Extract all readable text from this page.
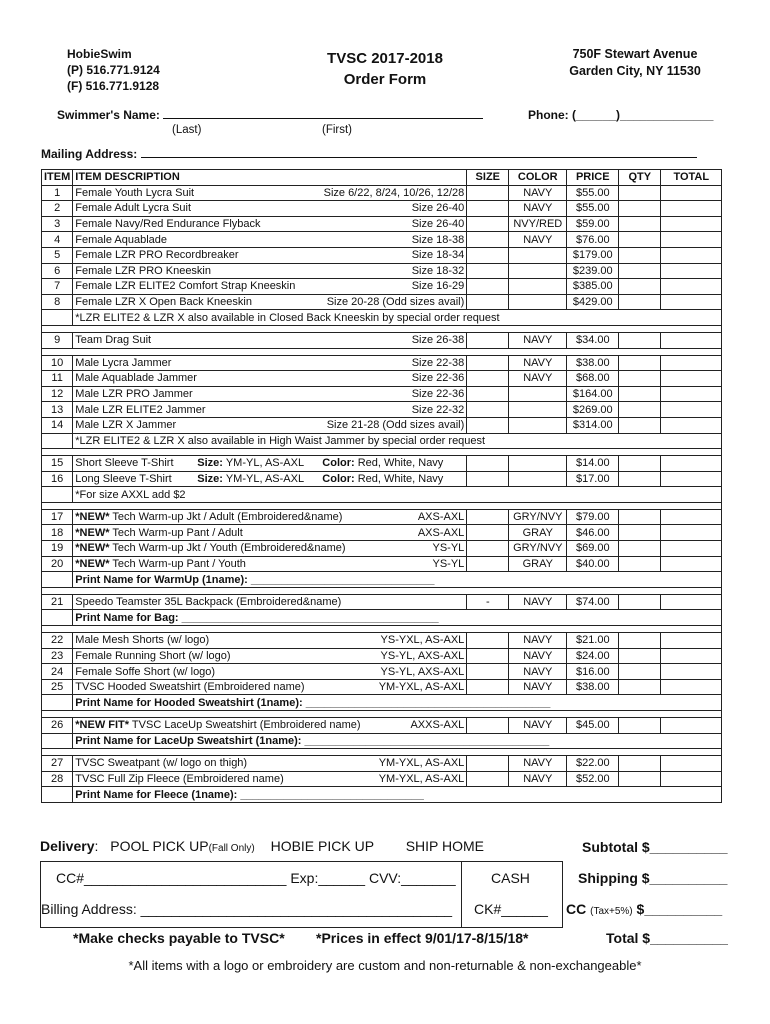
HobieSwim
(P) 516.771.9124
(F) 516.771.9128
TVSC 2017-2018
Order Form
750F Stewart Avenue
Garden City, NY 11530
Swimmer's Name:
(Last)	(First)
Phone: (______)______________
Mailing Address:
ITEM	ITEM DESCRIPTION	SIZE	COLOR	PRICE	QTY	TOTAL
1	Female Youth Lycra Suit Size 6/22, 8/24, 10/26, 12/28		NAVY	$55.00		
2	Female Adult Lycra Suit Size 26-40		NAVY	$55.00		
3	Female Navy/Red Endurance Flyback Size 26-40		NVY/RED	$59.00		
4	Female Aquablade Size 18-38		NAVY	$76.00		
5	Female LZR PRO Recordbreaker Size 18-34			$179.00		
6	Female LZR PRO Kneeskin Size 18-32			$239.00		
7	Female LZR ELITE2 Comfort Strap Kneeskin Size 16-29			$385.00		
8	Female LZR X Open Back Kneeskin Size 20-28 (Odd sizes avail)			$429.00		
	*LZR ELITE2 & LZR X also available in Closed Back Kneeskin by special order request					

9	Team Drag Suit Size 26-38		NAVY	$34.00		

10	Male Lycra Jammer Size 22-38		NAVY	$38.00		
11	Male Aquablade Jammer Size 22-36		NAVY	$68.00		
12	Male LZR PRO Jammer Size 22-36			$164.00		
13	Male LZR ELITE2 Jammer Size 22-32			$269.00		
14	Male LZR X Jammer Size 21-28 (Odd sizes avail)			$314.00		
	*LZR ELITE2 & LZR X also available in High Waist Jammer by special order request					

15	Short Sleeve T-Shirt Size: YM-YL, AS-AXL Color: Red, White, Navy			$14.00		
16	Long Sleeve T-Shirt Size: YM-YL, AS-AXL Color: Red, White, Navy			$17.00		
	*For size AXXL add $2					

17	*NEW* Tech Warm-up Jkt / Adult (Embroidered&name) AXS-AXL		GRY/NVY	$79.00		
18	*NEW* Tech Warm-up Pant / Adult AXS-AXL		GRAY	$46.00		
19	*NEW* Tech Warm-up Jkt / Youth (Embroidered&name) YS-YL		GRY/NVY	$69.00		
20	*NEW* Tech Warm-up Pant / Youth YS-YL		GRAY	$40.00		
	Print Name for WarmUp (1name): ______________________________					

21	Speedo Teamster 35L Backpack (Embroidered&name)	-	NAVY	$74.00		
	Print Name for Bag: __________________________________________					

22	Male Mesh Shorts (w/ logo) YS-YXL, AS-AXL		NAVY	$21.00		
23	Female Running Short (w/ logo) YS-YL, AXS-AXL		NAVY	$24.00		
24	Female Soffe Short (w/ logo) YS-YL, AXS-AXL		NAVY	$16.00		
25	TVSC Hooded Sweatshirt (Embroidered name) YM-YXL, AS-AXL		NAVY	$38.00		
	Print Name for Hooded Sweatshirt (1name): ________________________________________					

26	*NEW FIT* TVSC LaceUp Sweatshirt (Embroidered name) AXXS-AXL		NAVY	$45.00		
	Print Name for LaceUp Sweatshirt (1name): ________________________________________					

27	TVSC Sweatpant (w/ logo on thigh) YM-YXL, AS-AXL		NAVY	$22.00		
28	TVSC Full Zip Fleece (Embroidered name) YM-YXL, AS-AXL		NAVY	$52.00		
	Print Name for Fleece (1name): ______________________________					
Delivery: POOL PICK UP(Fall Only) HOBIE PICK UP SHIP HOME	Subtotal $__________
CC#__________________________ Exp:______ CVV:_______	CASH	Shipping $__________
Billing Address: ________________________________________ CK#______ CC (Tax+5%) $__________
*Make checks payable to TVSC* *Prices in effect 9/01/17-8/15/18*	Total $__________
*All items with a logo or embroidery are custom and non-returnable & non-exchangeable*
